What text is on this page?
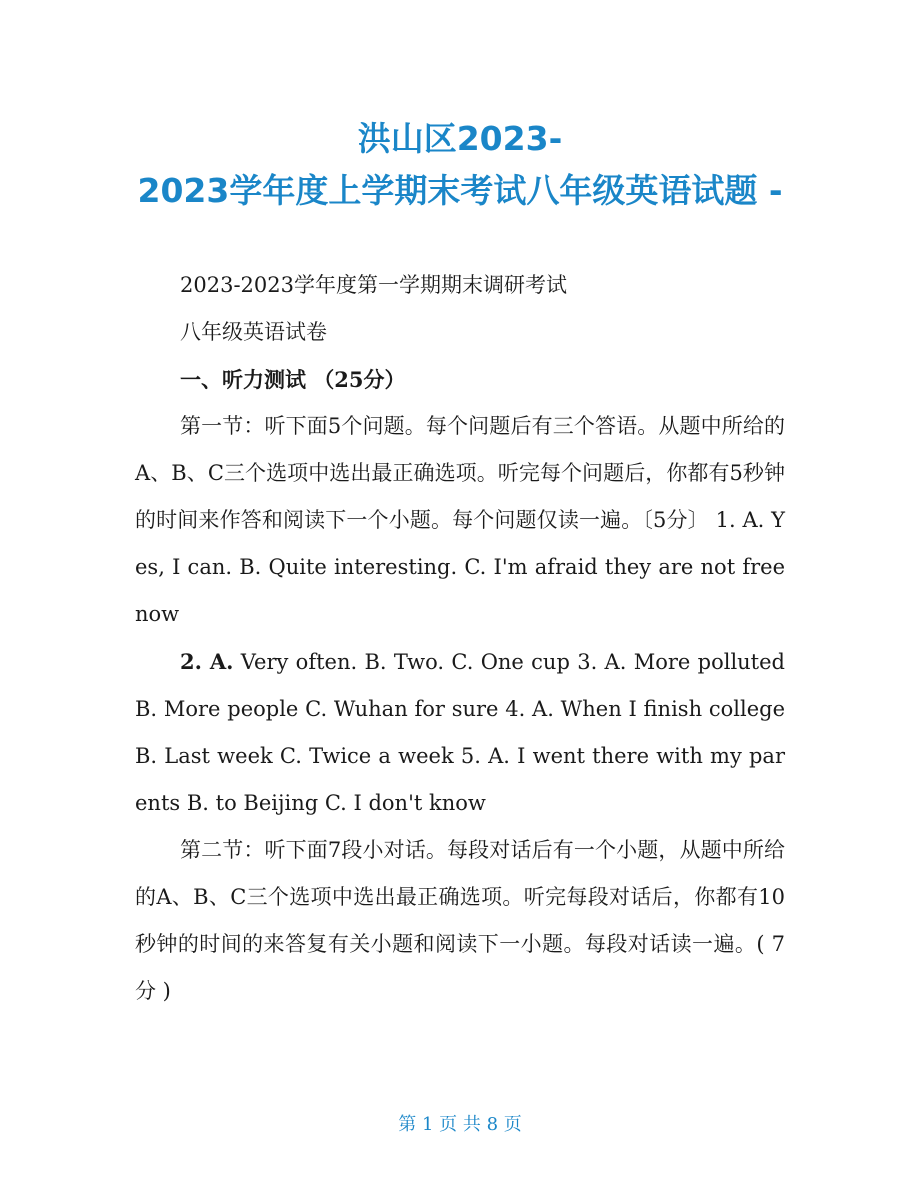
洪山区2023-
2023学年度上学期末考试八年级英语试题 -

2023-2023学年度第一学期期末调研考试

八年级英语试卷

一、听力测试 （25分）

第一节：听下面5个问题。每个问题后有三个答语。从题中所给的A、B、C三个选项中选出最正确选项。听完每个问题后，你都有5秒钟的时间来作答和阅读下一个小题。每个问题仅读一遍。〔5分〕 1. A. Yes, I can. B. Quite interesting. C. I'm afraid they are not free now

2. A. Very often. B. Two. C. One cup 3. A. More polluted B. More people C. Wuhan for sure 4. A. When I finish college B. Last week C. Twice a week 5. A. I went there with my parents B. to Beijing C. I don't know

第二节：听下面7段小对话。每段对话后有一个小题，从题中所给的A、B、C三个选项中选出最正确选项。听完每段对话后，你都有10秒钟的时间的来答复有关小题和阅读下一小题。每段对话读一遍。( 7分 )

第 1 页 共 8 页
